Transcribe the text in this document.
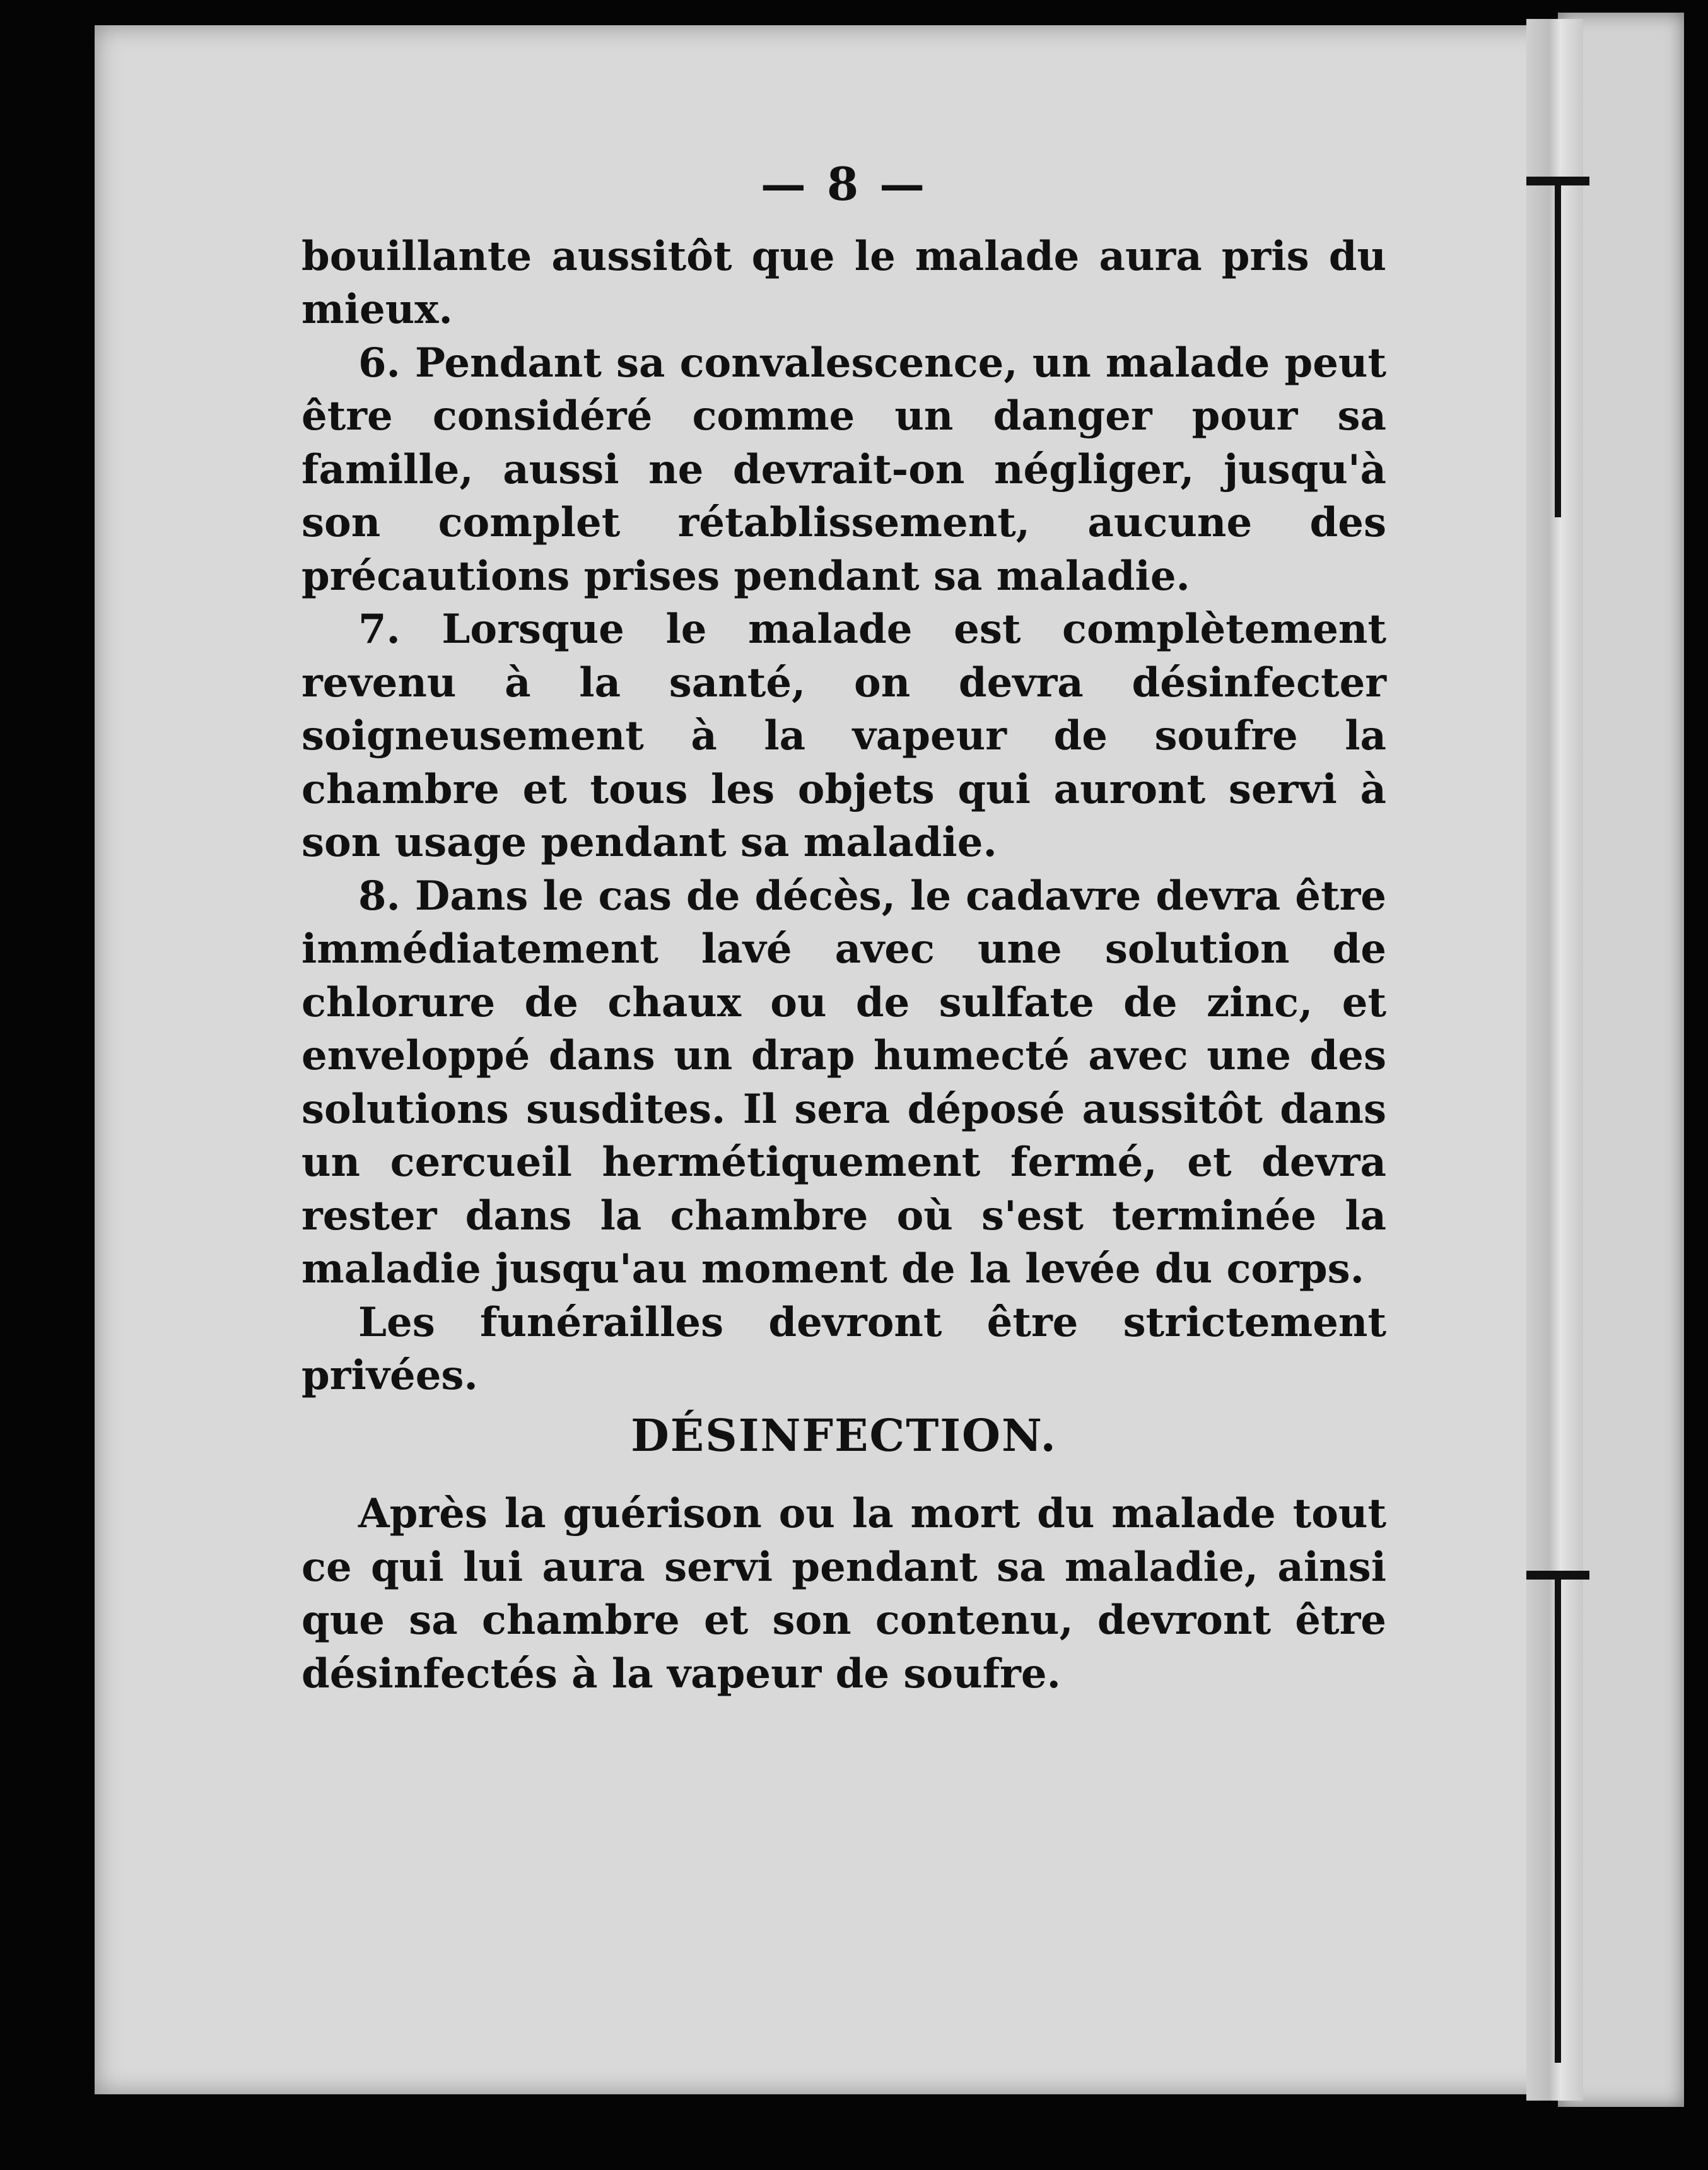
— 8 —

bouillante aussitôt que le malade aura pris du mieux.

6. Pendant sa convalescence, un malade peut être considéré comme un danger pour sa famille, aussi ne devrait-on négliger, jusqu'à son complet rétablissement, aucune des précautions prises pendant sa maladie.

7. Lorsque le malade est complètement revenu à la santé, on devra désinfecter soigneusement à la vapeur de soufre la chambre et tous les objets qui auront servi à son usage pendant sa maladie.

8. Dans le cas de décès, le cadavre devra être immédiatement lavé avec une solution de chlorure de chaux ou de sulfate de zinc, et enveloppé dans un drap humecté avec une des solutions susdites. Il sera déposé aussitôt dans un cercueil hermétiquement fermé, et devra rester dans la chambre où s'est terminée la maladie jusqu'au moment de la levée du corps.

Les funérailles devront être strictement privées.

DÉSINFECTION.

Après la guérison ou la mort du malade tout ce qui lui aura servi pendant sa maladie, ainsi que sa chambre et son contenu, devront être désinfectés à la vapeur de soufre.
